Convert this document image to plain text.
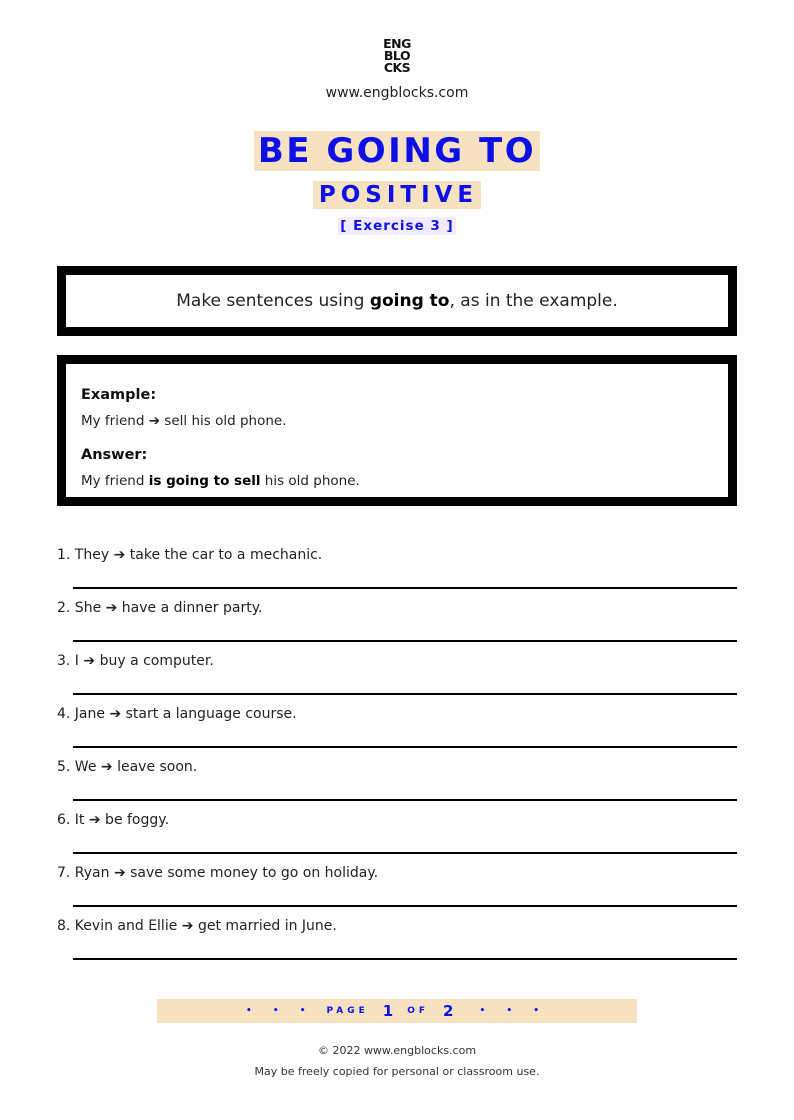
ENG
BLO
CKS
www.engblocks.com
BE GOING TO
POSITIVE
[ Exercise 3 ]
Make sentences using going to, as in the example.
Example:
My friend ➔ sell his old phone.
Answer:
My friend is going to sell his old phone.
1. They ➔ take the car to a mechanic.
2. She ➔ have a dinner party.
3. I ➔ buy a computer.
4. Jane ➔ start a language course.
5. We ➔ leave soon.
6. It ➔ be foggy.
7. Ryan ➔ save some money to go on holiday.
8. Kevin and Ellie ➔ get married in June.
• • • PAGE 1 OF 2	• • •
© 2022 www.engblocks.com
May be freely copied for personal or classroom use.
